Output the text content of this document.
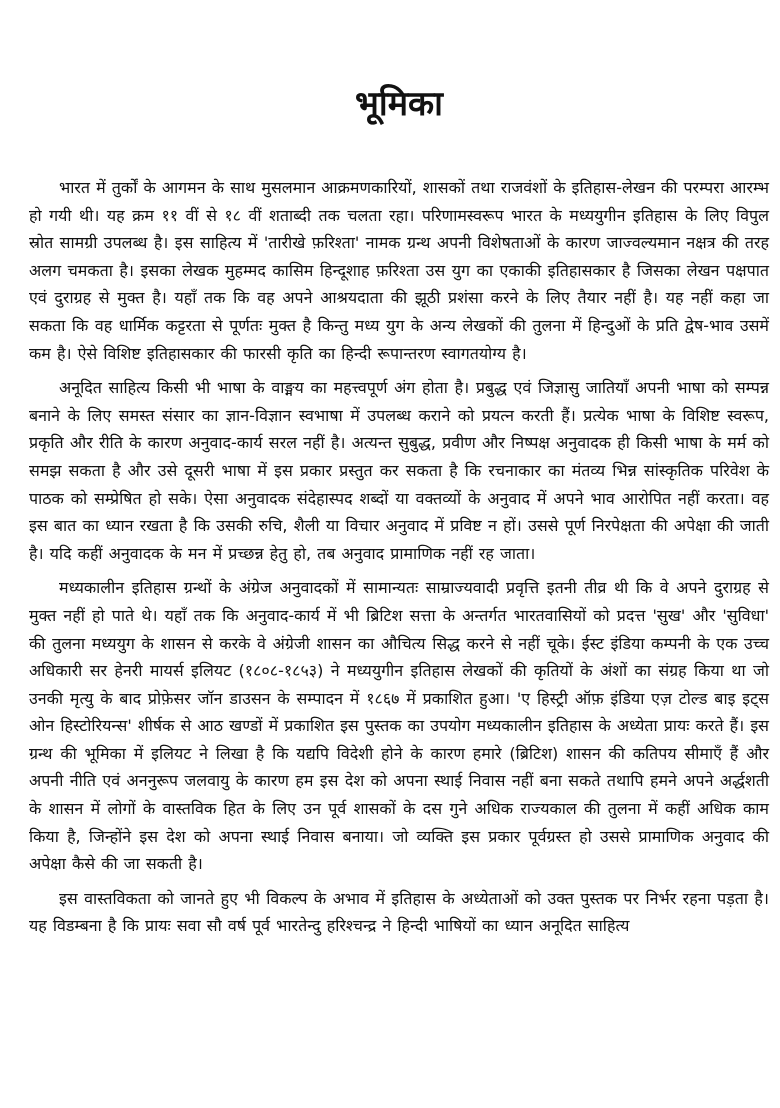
भूमिका

भारत में तुर्कों के आगमन के साथ मुसलमान आक्रमणकारियों, शासकों तथा राजवंशों के इतिहास-लेखन की परम्परा आरम्भ हो गयी थी। यह क्रम ११ वीं से १८ वीं शताब्दी तक चलता रहा। परिणामस्वरूप भारत के मध्ययुगीन इतिहास के लिए विपुल स्रोत सामग्री उपलब्ध है। इस साहित्य में 'तारीखे फ़रिश्ता' नामक ग्रन्थ अपनी विशेषताओं के कारण जाज्वल्यमान नक्षत्र की तरह अलग चमकता है। इसका लेखक मुहम्मद कासिम हिन्दूशाह फ़रिश्ता उस युग का एकाकी इतिहासकार है जिसका लेखन पक्षपात एवं दुराग्रह से मुक्त है। यहाँ तक कि वह अपने आश्रयदाता की झूठी प्रशंसा करने के लिए तैयार नहीं है। यह नहीं कहा जा सकता कि वह धार्मिक कट्टरता से पूर्णतः मुक्त है किन्तु मध्य युग के अन्य लेखकों की तुलना में हिन्दुओं के प्रति द्वेष-भाव उसमें कम है। ऐसे विशिष्ट इतिहासकार की फारसी कृति का हिन्दी रूपान्तरण स्वागतयोग्य है।

अनूदित साहित्य किसी भी भाषा के वाङ्मय का महत्त्वपूर्ण अंग होता है। प्रबुद्ध एवं जिज्ञासु जातियाँ अपनी भाषा को सम्पन्न बनाने के लिए समस्त संसार का ज्ञान-विज्ञान स्वभाषा में उपलब्ध कराने को प्रयत्न करती हैं। प्रत्येक भाषा के विशिष्ट स्वरूप, प्रकृति और रीति के कारण अनुवाद-कार्य सरल नहीं है। अत्यन्त सुबुद्ध, प्रवीण और निष्पक्ष अनुवादक ही किसी भाषा के मर्म को समझ सकता है और उसे दूसरी भाषा में इस प्रकार प्रस्तुत कर सकता है कि रचनाकार का मंतव्य भिन्न सांस्कृतिक परिवेश के पाठक को सम्प्रेषित हो सके। ऐसा अनुवादक संदेहास्पद शब्दों या वक्तव्यों के अनुवाद में अपने भाव आरोपित नहीं करता। वह इस बात का ध्यान रखता है कि उसकी रुचि, शैली या विचार अनुवाद में प्रविष्ट न हों। उससे पूर्ण निरपेक्षता की अपेक्षा की जाती है। यदि कहीं अनुवादक के मन में प्रच्छन्न हेतु हो, तब अनुवाद प्रामाणिक नहीं रह जाता।

मध्यकालीन इतिहास ग्रन्थों के अंग्रेज अनुवादकों में सामान्यतः साम्राज्यवादी प्रवृत्ति इतनी तीव्र थी कि वे अपने दुराग्रह से मुक्त नहीं हो पाते थे। यहाँ तक कि अनुवाद-कार्य में भी ब्रिटिश सत्ता के अन्तर्गत भारतवासियों को प्रदत्त 'सुख' और 'सुविधा' की तुलना मध्ययुग के शासन से करके वे अंग्रेजी शासन का औचित्य सिद्ध करने से नहीं चूके। ईस्ट इंडिया कम्पनी के एक उच्च अधिकारी सर हेनरी मायर्स इलियट (१८०८-१८५३) ने मध्ययुगीन इतिहास लेखकों की कृतियों के अंशों का संग्रह किया था जो उनकी मृत्यु के बाद प्रोफ़ेसर जॉन डाउसन के सम्पादन में १८६७ में प्रकाशित हुआ। 'ए हिस्ट्री ऑफ़ इंडिया एज़ टोल्ड बाइ इट्स ओन हिस्टोरियन्स' शीर्षक से आठ खण्डों में प्रकाशित इस पुस्तक का उपयोग मध्यकालीन इतिहास के अध्येता प्रायः करते हैं। इस ग्रन्थ की भूमिका में इलियट ने लिखा है कि यद्यपि विदेशी होने के कारण हमारे (ब्रिटिश) शासन की कतिपय सीमाएँ हैं और अपनी नीति एवं अननुरूप जलवायु के कारण हम इस देश को अपना स्थाई निवास नहीं बना सकते तथापि हमने अपने अर्द्धशती के शासन में लोगों के वास्तविक हित के लिए उन पूर्व शासकों के दस गुने अधिक राज्यकाल की तुलना में कहीं अधिक काम किया है, जिन्होंने इस देश को अपना स्थाई निवास बनाया। जो व्यक्ति इस प्रकार पूर्वग्रस्त हो उससे प्रामाणिक अनुवाद की अपेक्षा कैसे की जा सकती है।

इस वास्तविकता को जानते हुए भी विकल्प के अभाव में इतिहास के अध्येताओं को उक्त पुस्तक पर निर्भर रहना पड़ता है। यह विडम्बना है कि प्रायः सवा सौ वर्ष पूर्व भारतेन्दु हरिश्चन्द्र ने हिन्दी भाषियों का ध्यान अनूदित साहित्य
